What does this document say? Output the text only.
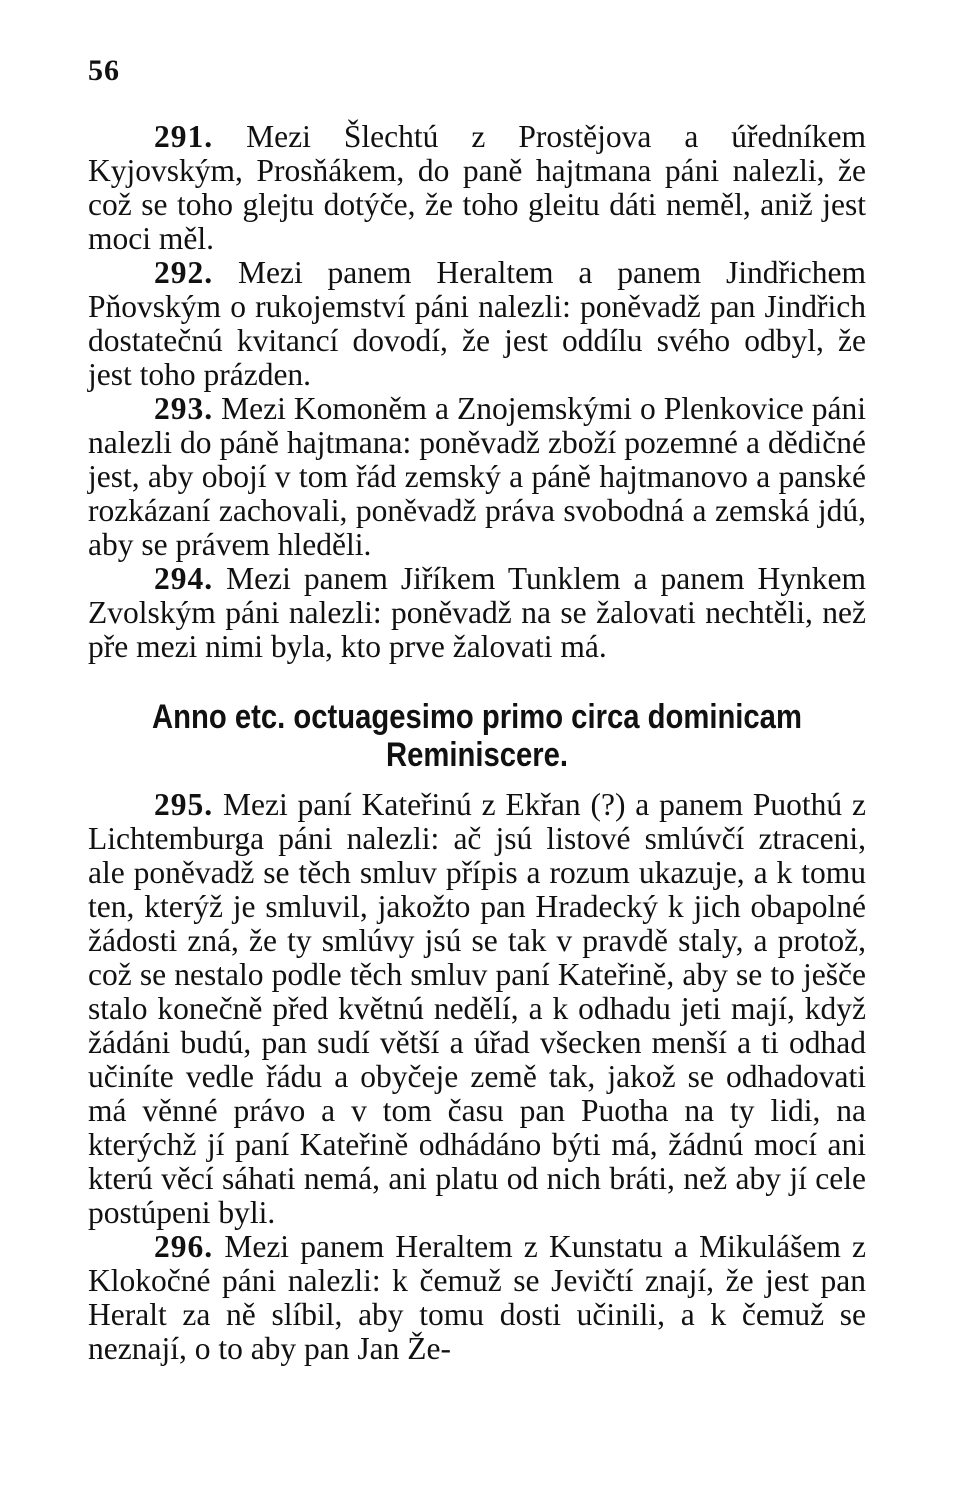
56

291. Mezi Šlechtú z Prostějova a úředníkem Kyjovským, Prosňákem, do paně hajtmana páni nalezli, že což se toho glejtu dotýče, že toho gleitu dáti neměl, aniž jest moci měl.

292. Mezi panem Heraltem a panem Jindřichem Pňovským o rukojemství páni nalezli: poněvadž pan Jindřich dostatečnú kvitancí dovodí, že jest oddílu svého odbyl, že jest toho prázden.

293. Mezi Komoněm a Znojemskými o Plenkovice páni nalezli do páně hajtmana: poněvadž zboží pozemné a dědičné jest, aby obojí v tom řád zemský a páně hajtmanovo a panské rozkázaní zachovali, poněvadž práva svobodná a zemská jdú, aby se právem hleděli.

294. Mezi panem Jiříkem Tunklem a panem Hynkem Zvolským páni nalezli: poněvadž na se žalovati nechtěli, než pře mezi nimi byla, kto prve žalovati má.

Anno etc. octuagesimo primo circa dominicam Reminiscere.

295. Mezi paní Kateřinú z Ekřan (?) a panem Puothú z Lichtemburga páni nalezli: ač jsú listové smlúvčí ztraceni, ale poněvadž se těch smluv přípis a rozum ukazuje, a k tomu ten, kterýž je smluvil, jakožto pan Hradecký k jich obapolné žádosti zná, že ty smlúvy jsú se tak v pravdě staly, a protož, což se nestalo podle těch smluv paní Kateřině, aby se to ješče stalo konečně před květnú nedělí, a k odhadu jeti mají, když žádáni budú, pan sudí větší a úřad všecken menší a ti odhad učiníte vedle řádu a obyčeje země tak, jakož se odhadovati má věnné právo a v tom času pan Puotha na ty lidi, na kterýchž jí paní Kateřině odhádáno býti má, žádnú mocí ani kterú věcí sáhati nemá, ani platu od nich bráti, než aby jí cele postúpeni byli.

296. Mezi panem Heraltem z Kunstatu a Mikulášem z Klokočné páni nalezli: k čemuž se Jevičtí znají, že jest pan Heralt za ně slíbil, aby tomu dosti učinili, a k čemuž se neznají, o to aby pan Jan Že-
